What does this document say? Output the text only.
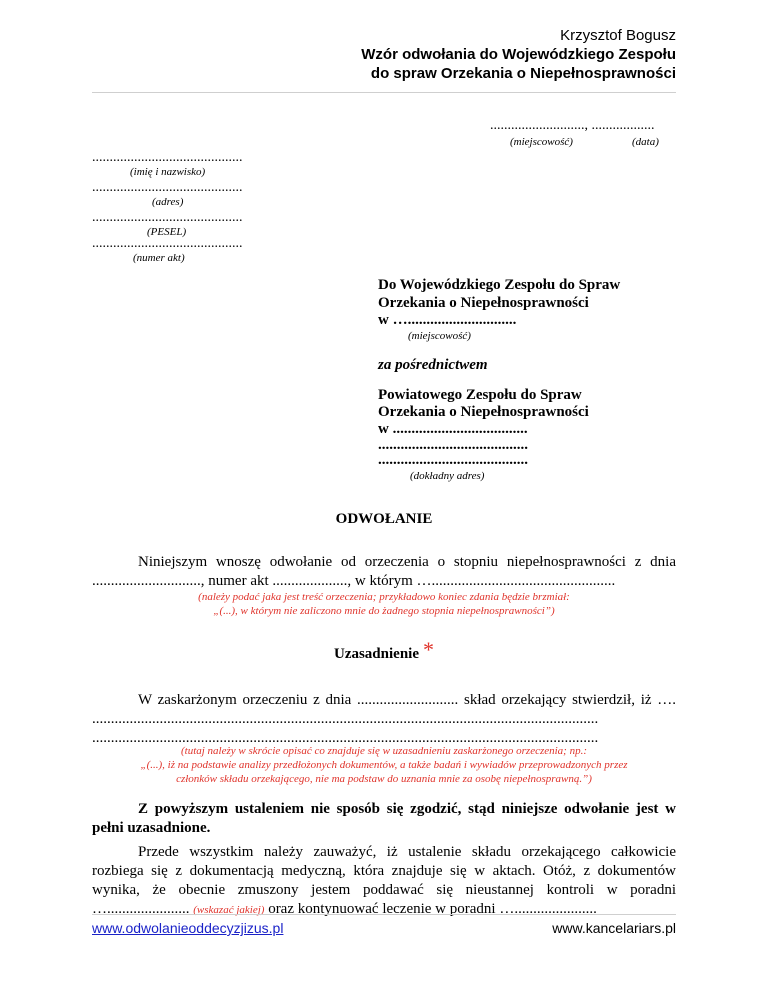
Krzysztof Bogusz
Wzór odwołania do Wojewódzkiego Zespołu
do spraw Orzekania o Niepełnosprawności
..........................., ..................
(miejscowość)	(data)
...........................................
(imię i nazwisko)
...........................................
(adres)
...........................................
(PESEL)
...........................................
(numer akt)
Do Wojewódzkiego Zespołu do Spraw
Orzekania o Niepełnosprawności
w ….............................
(miejscowość)
za pośrednictwem
Powiatowego Zespołu do Spraw
Orzekania o Niepełnosprawności
w ....................................
........................................
........................................
(dokładny adres)
ODWOŁANIE
Niniejszym wnoszę odwołanie od orzeczenia o stopniu niepełnosprawności z dnia ............................., numer akt ...................., w którym ….................................................
(należy podać jaka jest treść orzeczenia; przykładowo koniec zdania będzie brzmiał:
„(...), w którym nie zaliczono mnie do żadnego stopnia niepełnosprawności”)
Uzasadnienie *
W zaskarżonym orzeczeniu z dnia ........................... skład orzekający stwierdził, iż …. ....................................................................................................................................... .......................................................................................................................................
(tutaj należy w skrócie opisać co znajduje się w uzasadnieniu zaskarżonego orzeczenia; np.:
„(...), iż na podstawie analizy przedłożonych dokumentów, a także badań i wywiadów przeprowadzonych przez
członków składu orzekającego, nie ma podstaw do uznania mnie za osobę niepełnosprawną.”)
Z powyższym ustaleniem nie sposób się zgodzić, stąd niniejsze odwołanie jest w pełni uzasadnione.
Przede wszystkim należy zauważyć, iż ustalenie składu orzekającego całkowicie rozbiega się z dokumentacją medyczną, która znajduje się w aktach. Otóż, z dokumentów wynika, że obecnie zmuszony jestem poddawać się nieustannej kontroli w poradni …...................... (wskazać jakiej) oraz kontynuować leczenie w poradni …......................
www.odwolanieoddecyzjizus.pl	www.kancelariars.pl
